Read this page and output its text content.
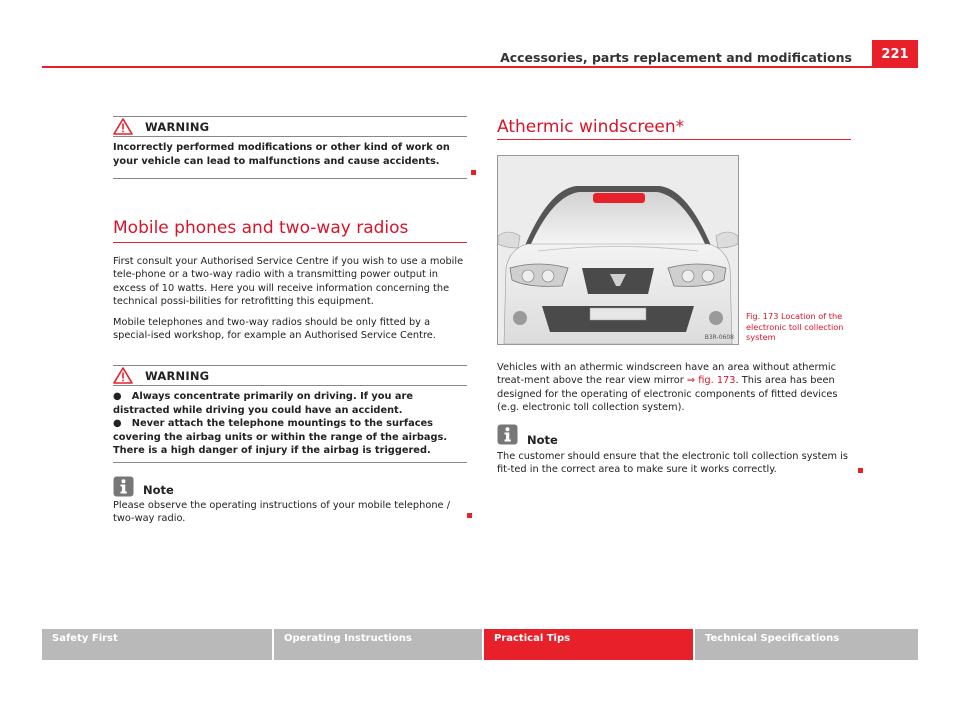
Accessories, parts replacement and modifications	221
WARNING

Incorrectly performed modifications or other kind of work on your vehicle can lead to malfunctions and cause accidents.

Mobile phones and two-way radios

First consult your Authorised Service Centre if you wish to use a mobile tele-phone or a two-way radio with a transmitting power output in excess of 10 watts. Here you will receive information concerning the technical possi-bilities for retrofitting this equipment.

Mobile telephones and two-way radios should be only fitted by a special-ised workshop, for example an Authorised Service Centre.

WARNING

● Always concentrate primarily on driving. If you are distracted while driving you could have an accident.

● Never attach the telephone mountings to the surfaces covering the airbag units or within the range of the airbags. There is a high danger of injury if the airbag is triggered.

Note
Please observe the operating instructions of your mobile telephone / two-way radio.
Athermic windscreen*
B3R-0608
Fig. 173 Location of the electronic toll collection system

Vehicles with an athermic windscreen have an area without athermic treat-ment above the rear view mirror ⇒ fig. 173. This area has been designed for the operating of electronic components of fitted devices (e.g. electronic toll collection system).

Note
The customer should ensure that the electronic toll collection system is fit-ted in the correct area to make sure it works correctly.
Safety First	Operating Instructions	Practical Tips	Technical Specifications
